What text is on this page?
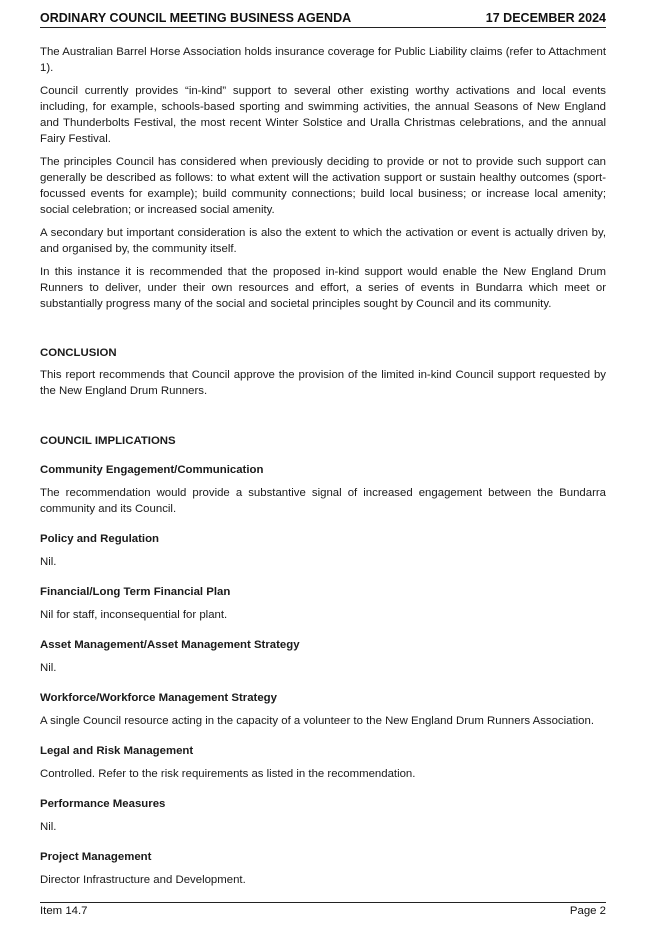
ORDINARY COUNCIL MEETING BUSINESS AGENDA	17 DECEMBER 2024

The Australian Barrel Horse Association holds insurance coverage for Public Liability claims (refer to Attachment 1).

Council currently provides “in-kind” support to several other existing worthy activations and local events including, for example, schools-based sporting and swimming activities, the annual Seasons of New England and Thunderbolts Festival, the most recent Winter Solstice and Uralla Christmas celebrations, and the annual Fairy Festival.

The principles Council has considered when previously deciding to provide or not to provide such support can generally be described as follows: to what extent will the activation support or sustain healthy outcomes (sport-focussed events for example); build community connections; build local business; or increase local amenity; social celebration; or increased social amenity.

A secondary but important consideration is also the extent to which the activation or event is actually driven by, and organised by, the community itself.

In this instance it is recommended that the proposed in-kind support would enable the New England Drum Runners to deliver, under their own resources and effort, a series of events in Bundarra which meet or substantially progress many of the social and societal principles sought by Council and its community.

CONCLUSION

This report recommends that Council approve the provision of the limited in-kind Council support requested by the New England Drum Runners.

COUNCIL IMPLICATIONS

Community Engagement/Communication

The recommendation would provide a substantive signal of increased engagement between the Bundarra community and its Council.

Policy and Regulation

Nil.

Financial/Long Term Financial Plan

Nil for staff, inconsequential for plant.

Asset Management/Asset Management Strategy

Nil.

Workforce/Workforce Management Strategy

A single Council resource acting in the capacity of a volunteer to the New England Drum Runners Association.

Legal and Risk Management

Controlled. Refer to the risk requirements as listed in the recommendation.

Performance Measures

Nil.

Project Management

Director Infrastructure and Development.

Item 14.7	Page 2
